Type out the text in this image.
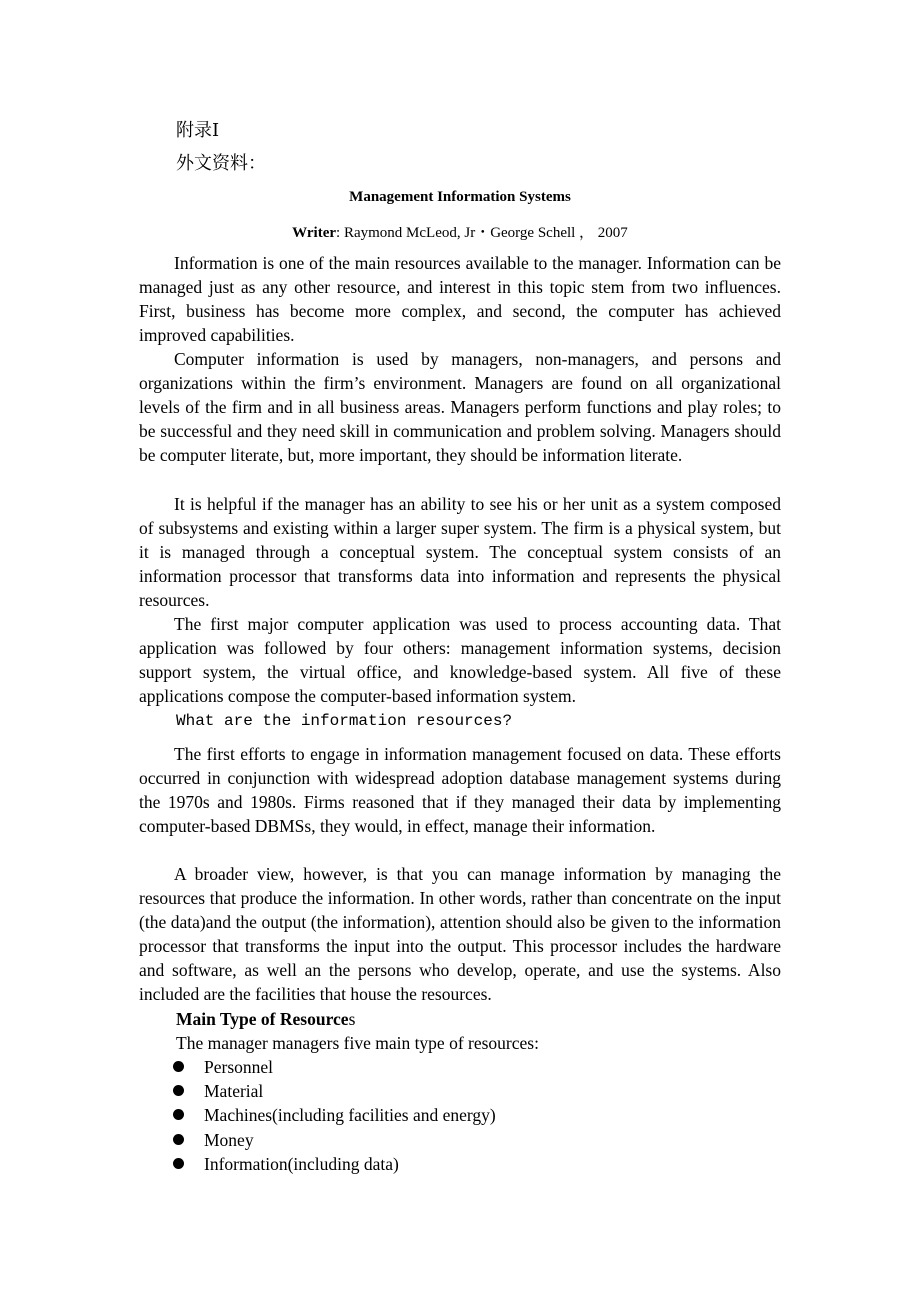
附录Ⅰ

外文资料：

Management Information Systems

Writer: Raymond McLeod, Jr・George Schell ， 2007

  Information is one of the main resources available to the manager. Information can be managed just as any other resource, and interest in this topic stem from two influences. First, business has become more complex, and second, the computer has achieved improved capabilities.

  Computer information is used by managers, non-managers, and persons and organizations within the firm’s environment. Managers are found on all organizational levels of the firm and in all business areas. Managers perform functions and play roles; to be successful and they need skill in communication and problem solving. Managers should be computer literate, but, more important, they should be information literate.

  It is helpful if the manager has an ability to see his or her unit as a system composed of subsystems and existing within a larger super system. The firm is a physical system, but it is managed through a conceptual system. The conceptual system consists of an information processor that transforms data into information and represents the physical resources.

  The first major computer application was used to process accounting data. That application was followed by four others: management information systems, decision support system, the virtual office, and knowledge-based system. All five of these applications compose the computer-based information system.

What are the information resources?

  The first efforts to engage in information management focused on data. These efforts occurred in conjunction with widespread adoption database management systems during the 1970s and 1980s. Firms reasoned that if they managed their data by implementing computer-based DBMSs, they would, in effect, manage their information.

  A broader view, however, is that you can manage information by managing the resources that produce the information. In other words, rather than concentrate on the input (the data)and the output (the information), attention should also be given to the information processor that transforms the input into the output. This processor includes the hardware and software, as well an the persons who develop, operate, and use the systems. Also included are the facilities that house the resources.

Main Type of Resources

The manager managers five main type of resources:

Personnel
Material
Machines(including facilities and energy)
Money
Information(including data)
